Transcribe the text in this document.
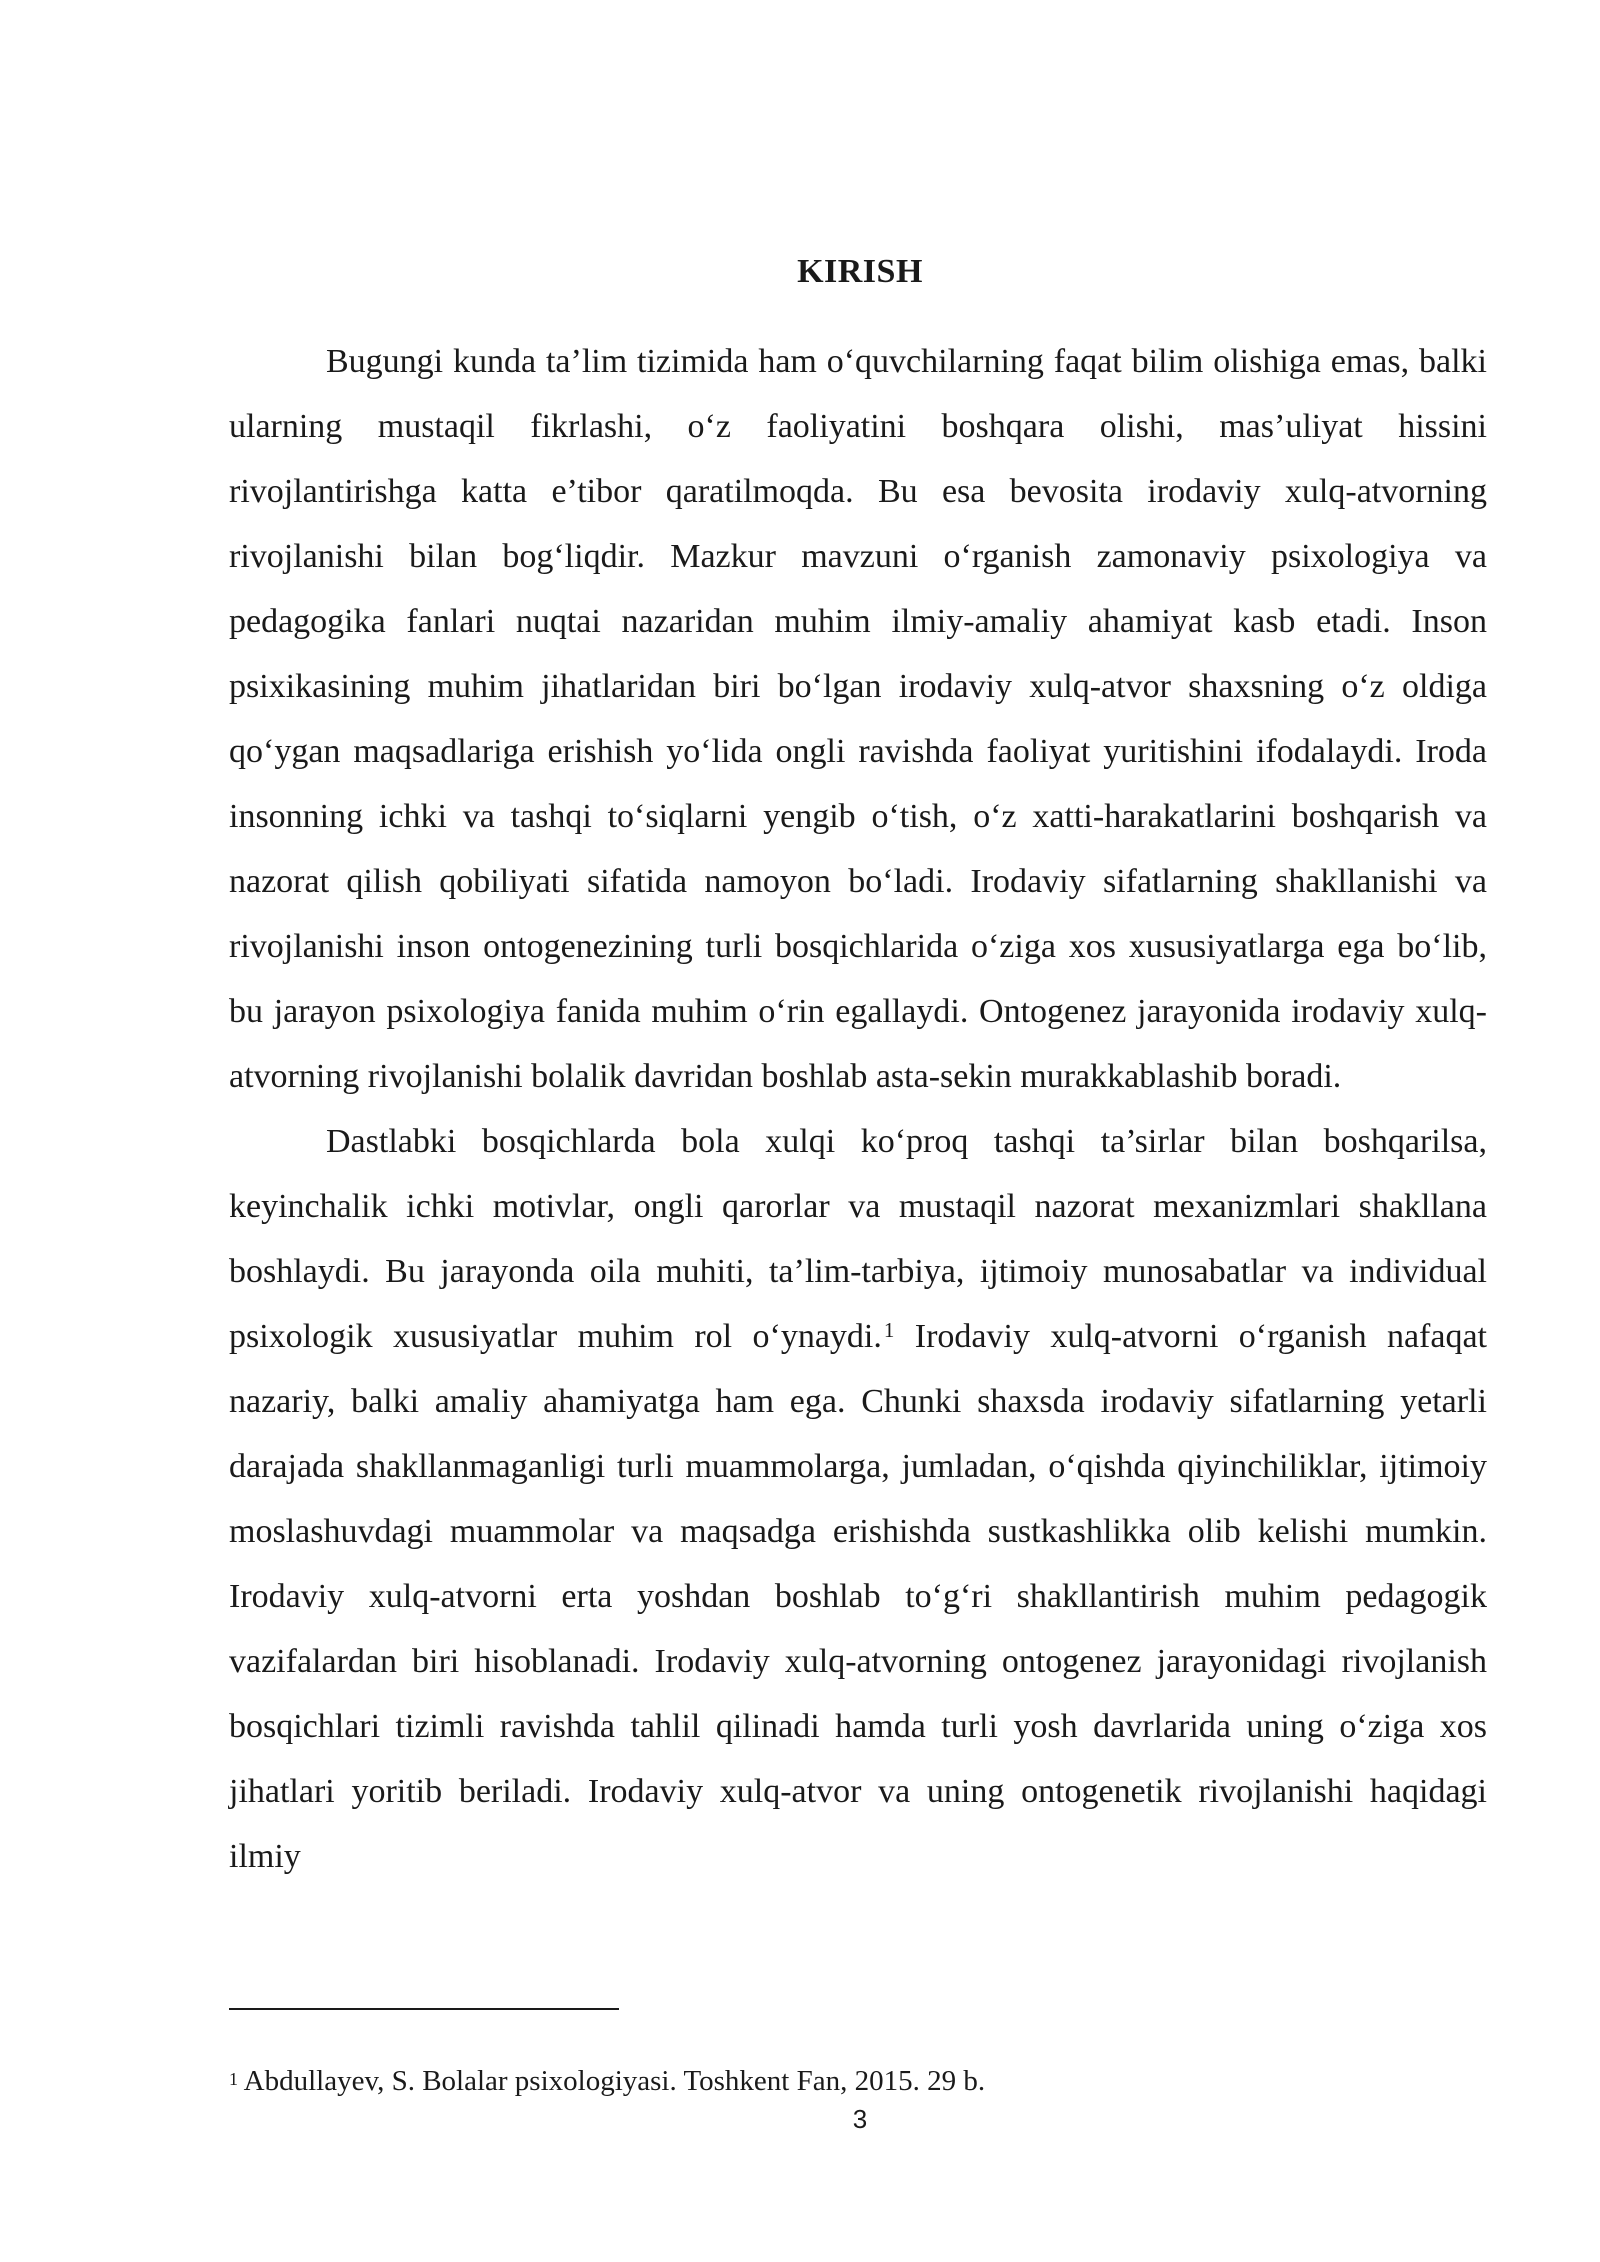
KIRISH

Bugungi kunda ta’lim tizimida ham o‘quvchilarning faqat bilim olishiga emas, balki ularning mustaqil fikrlashi, o‘z faoliyatini boshqara olishi, mas’uliyat hissini rivojlantirishga katta e’tibor qaratilmoqda. Bu esa bevosita irodaviy xulq-atvorning rivojlanishi bilan bog‘liqdir. Mazkur mavzuni o‘rganish zamonaviy psixologiya va pedagogika fanlari nuqtai nazaridan muhim ilmiy-amaliy ahamiyat kasb etadi. Inson psixikasining muhim jihatlaridan biri bo‘lgan irodaviy xulq-atvor shaxsning o‘z oldiga qo‘ygan maqsadlariga erishish yo‘lida ongli ravishda faoliyat yuritishini ifodalaydi. Iroda insonning ichki va tashqi to‘siqlarni yengib o‘tish, o‘z xatti-harakatlarini boshqarish va nazorat qilish qobiliyati sifatida namoyon bo‘ladi. Irodaviy sifatlarning shakllanishi va rivojlanishi inson ontogenezining turli bosqichlarida o‘ziga xos xususiyatlarga ega bo‘lib, bu jarayon psixologiya fanida muhim o‘rin egallaydi. Ontogenez jarayonida irodaviy xulq-atvorning rivojlanishi bolalik davridan boshlab asta-sekin murakkablashib boradi.

Dastlabki bosqichlarda bola xulqi ko‘proq tashqi ta’sirlar bilan boshqarilsa, keyinchalik ichki motivlar, ongli qarorlar va mustaqil nazorat mexanizmlari shakllana boshlaydi. Bu jarayonda oila muhiti, ta’lim-tarbiya, ijtimoiy munosabatlar va individual psixologik xususiyatlar muhim rol o‘ynaydi.$^1$ Irodaviy xulq-atvorni o‘rganish nafaqat nazariy, balki amaliy ahamiyatga ham ega. Chunki shaxsda irodaviy sifatlarning yetarli darajada shakllanmaganligi turli muammolarga, jumladan, o‘qishda qiyinchiliklar, ijtimoiy moslashuvdagi muammolar va maqsadga erishishda sustkashlikka olib kelishi mumkin. Irodaviy xulq-atvorni erta yoshdan boshlab to‘g‘ri shakllantirish muhim pedagogik vazifalardan biri hisoblanadi. Irodaviy xulq-atvorning ontogenez jarayonidagi rivojlanish bosqichlari tizimli ravishda tahlil qilinadi hamda turli yosh davrlarida uning o‘ziga xos jihatlari yoritib beriladi. Irodaviy xulq-atvor va uning ontogenetik rivojlanishi haqidagi ilmiy

$^1$ Abdullayev, S. Bolalar psixologiyasi. Toshkent Fan, 2015. 29 b.
3
